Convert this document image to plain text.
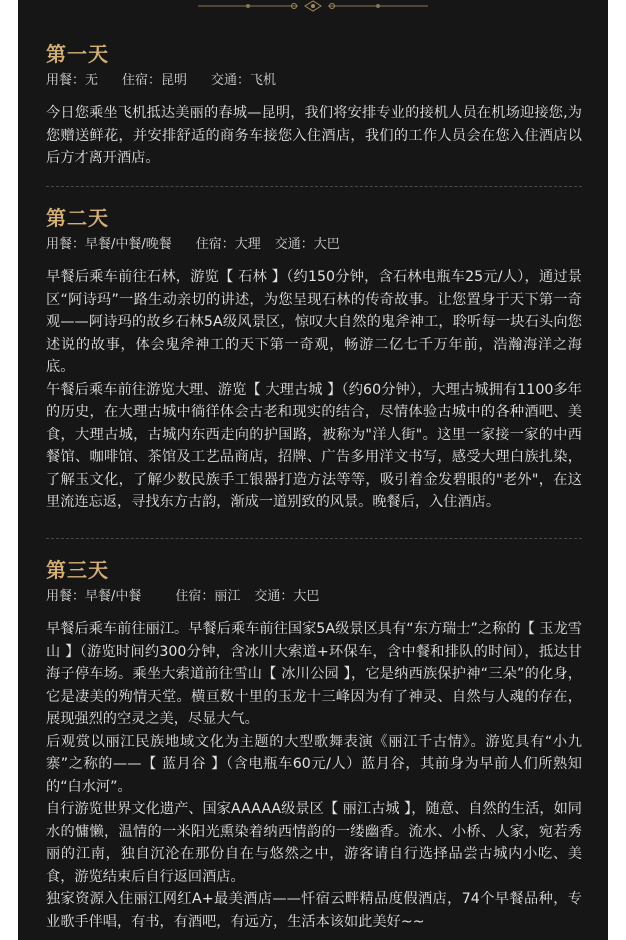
第一天
用餐：无 住宿：昆明 交通：飞机

今日您乘坐飞机抵达美丽的春城—昆明，我们将安排专业的接机人员在机场迎接您,为您赠送鲜花，并安排舒适的商务车接您入住酒店，我们的工作人员会在您入住酒店以后方才离开酒店。

第二天
用餐：早餐/中餐/晚餐 住宿：大理 交通：大巴

早餐后乘车前往石林，游览【 石林 】（约150分钟，含石林电瓶车25元/人），通过景区“阿诗玛”一路生动亲切的讲述，为您呈现石林的传奇故事。让您置身于天下第一奇观——阿诗玛的故乡石林5A级风景区，惊叹大自然的鬼斧神工，聆听每一块石头向您述说的故事，体会鬼斧神工的天下第一奇观，畅游二亿七千万年前，浩瀚海洋之海底。

午餐后乘车前往游览大理、游览【 大理古城 】（约60分钟），大理古城拥有1100多年的历史，在大理古城中徜徉体会古老和现实的结合，尽情体验古城中的各种酒吧、美食，大理古城，古城内东西走向的护国路，被称为"洋人街"。这里一家接一家的中西餐馆、咖啡馆、茶馆及工艺品商店，招牌、广告多用洋文书写，感受大理白族扎染，了解玉文化，了解少数民族手工银器打造方法等等，吸引着金发碧眼的"老外"，在这里流连忘返，寻找东方古韵，渐成一道别致的风景。晚餐后，入住酒店。

第三天
用餐：早餐/中餐	住宿：丽江 交通：大巴

早餐后乘车前往丽江。早餐后乘车前往国家5A级景区具有“东方瑞士”之称的【 玉龙雪山 】（游览时间约300分钟，含冰川大索道+环保车，含中餐和排队的时间），抵达甘海子停车场。乘坐大索道前往雪山【 冰川公园 】，它是纳西族保护神“三朵”的化身，它是凄美的殉情天堂。横亘数十里的玉龙十三峰因为有了神灵、自然与人魂的存在，展现强烈的空灵之美，尽显大气。

后观赏以丽江民族地域文化为主题的大型歌舞表演《丽江千古情》。游览具有“小九寨”之称的——【 蓝月谷 】（含电瓶车60元/人）蓝月谷，其前身为早前人们所熟知的“白水河”。

自行游览世界文化遗产、国家AAAAA级景区【 丽江古城 】，随意、自然的生活，如同水的慵懒，温情的一米阳光熏染着纳西情韵的一缕幽香。流水、小桥、人家，宛若秀丽的江南，独自沉沦在那份自在与悠然之中，游客请自行选择品尝古城内小吃、美食，游览结束后自行返回酒店。

独家资源入住丽江网红A+最美酒店——忏宿云畔精品度假酒店，74个早餐品种，专业歌手伴唱，有书，有酒吧，有远方，生活本该如此美好~~
